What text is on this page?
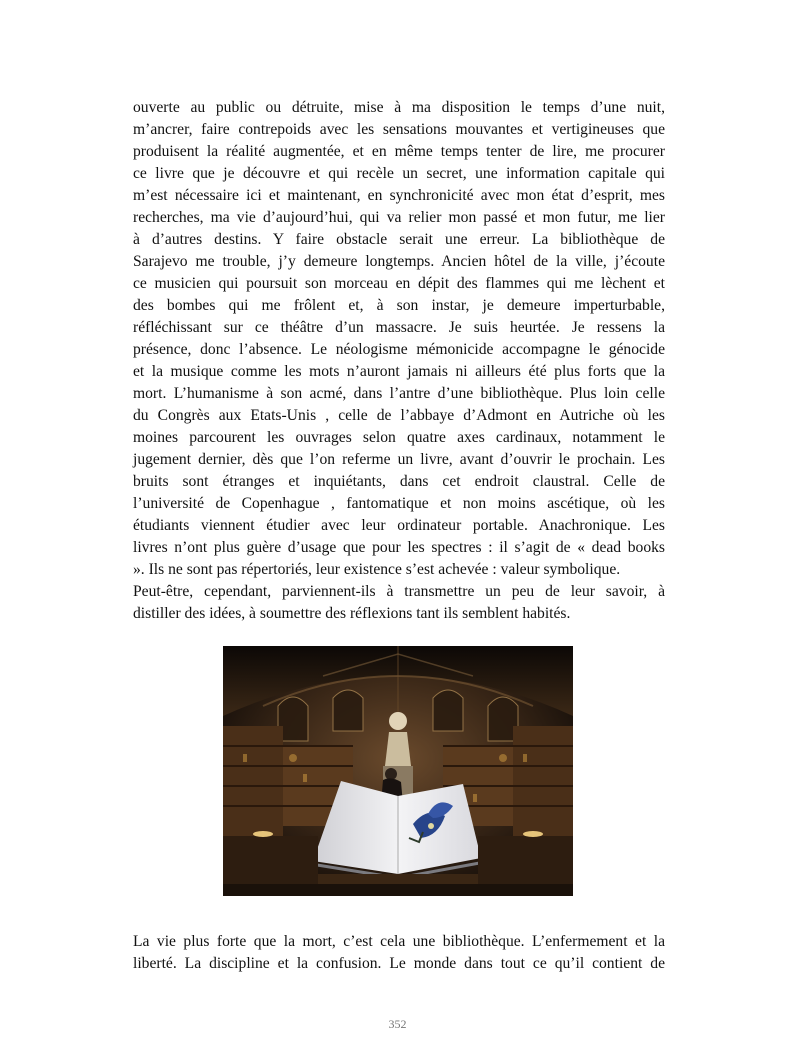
ouverte au public ou détruite, mise à ma disposition le temps d’une nuit,
m’ancrer, faire contrepoids avec les sensations mouvantes et vertigineuses que
produisent la réalité augmentée, et en même temps tenter de lire, me procurer
ce livre que je découvre et qui recèle un secret, une information capitale qui
m’est nécessaire ici et maintenant, en synchronicité avec mon état d’esprit, mes
recherches, ma vie d’aujourd’hui, qui va relier mon passé et mon futur, me lier
à d’autres destins. Y faire obstacle serait une erreur. La bibliothèque de
Sarajevo me trouble, j’y demeure longtemps. Ancien hôtel de la ville, j’écoute
ce musicien qui poursuit son morceau en dépit des flammes qui me lèchent et
des bombes qui me frôlent et, à son instar, je demeure imperturbable,
réfléchissant sur ce théâtre d’un massacre. Je suis heurtée. Je ressens la
présence, donc l’absence. Le néologisme mémonicide accompagne le génocide
et la musique comme les mots n’auront jamais ni ailleurs été plus forts que la
mort. L’humanisme à son acmé, dans l’antre d’une bibliothèque. Plus loin celle
du Congrès aux Etats-Unis , celle de l’abbaye d’Admont en Autriche où les
moines parcourent les ouvrages selon quatre axes cardinaux, notamment le
jugement dernier, dès que l’on referme un livre, avant d’ouvrir le prochain. Les
bruits sont étranges et inquiétants, dans cet endroit claustral. Celle de
l’université de Copenhague , fantomatique et non moins ascétique, où les
étudiants viennent étudier avec leur ordinateur portable. Anachronique. Les
livres n’ont plus guère d’usage que pour les spectres : il s’agit de « dead books
». Ils ne sont pas répertoriés, leur existence s’est achevée : valeur symbolique.
Peut-être, cependant, parviennent-ils à transmettre un peu de leur savoir, à
distiller des idées, à soumettre des réflexions tant ils semblent habités.
La vie plus forte que la mort, c’est cela une bibliothèque. L’enfermement et la
liberté. La discipline et la confusion. Le monde dans tout ce qu’il contient de
352
